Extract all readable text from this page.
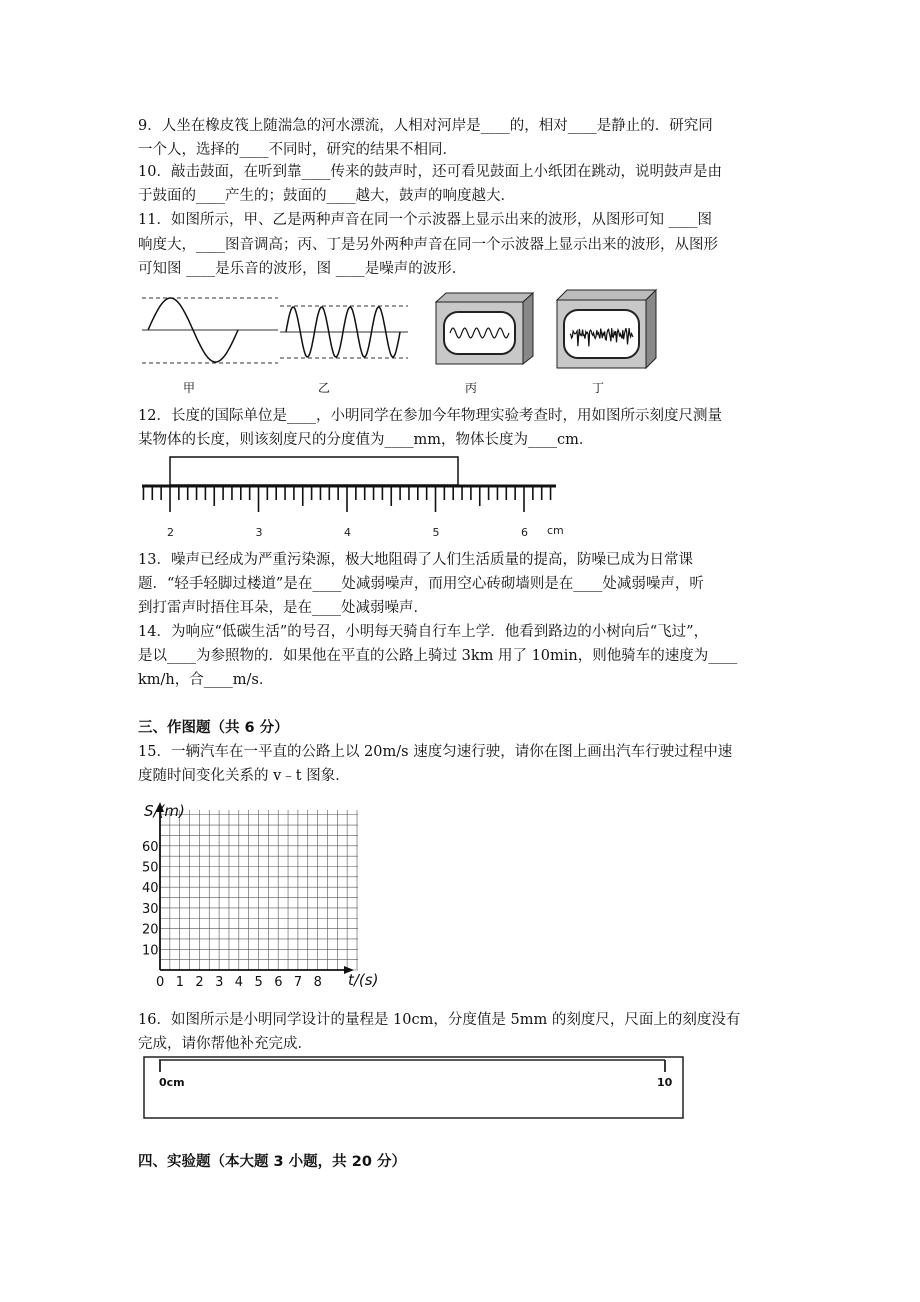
9．人坐在橡皮筏上随湍急的河水漂流，人相对河岸是____的，相对____是静止的．研究同
一个人，选择的____不同时，研究的结果不相同．
10．敲击鼓面，在听到靠____传来的鼓声时，还可看见鼓面上小纸团在跳动，说明鼓声是由
于鼓面的____产生的；鼓面的____越大，鼓声的响度越大．
11．如图所示，甲、乙是两种声音在同一个示波器上显示出来的波形，从图形可知 ____图
响度大，____图音调高；丙、丁是另外两种声音在同一个示波器上显示出来的波形，从图形
可知图 ____是乐音的波形，图 ____是噪声的波形．
甲	乙	丙	丁
12．长度的国际单位是____，小明同学在参加今年物理实验考查时，用如图所示刻度尺测量
某物体的长度，则该刻度尺的分度值为____mm，物体长度为____cm．
2	3	4	5	6 cm
13．噪声已经成为严重污染源，极大地阻碍了人们生活质量的提高，防噪已成为日常课
题．“轻手轻脚过楼道”是在____处减弱噪声，而用空心砖砌墙则是在____处减弱噪声，听
到打雷声时捂住耳朵，是在____处减弱噪声．
14．为响应“低碳生活”的号召，小明每天骑自行车上学．他看到路边的小树向后“飞过”，
是以____为参照物的．如果他在平直的公路上骑过 3km 用了 10min，则他骑车的速度为____
km/h，合____m/s．
三、作图题（共 6 分）
15．一辆汽车在一平直的公路上以 20m/s 速度匀速行驶，请你在图上画出汽车行驶过程中速
度随时间变化关系的 v﹣t 图象．
S/(m)
t/(s)
0 1 2 3 4 5 6 7 8
10
20
30
40
50
60
16．如图所示是小明同学设计的量程是 10cm，分度值是 5mm 的刻度尺，尺面上的刻度没有
完成，请你帮他补充完成．
0cm	10
四、实验题（本大题 3 小题，共 20 分）
